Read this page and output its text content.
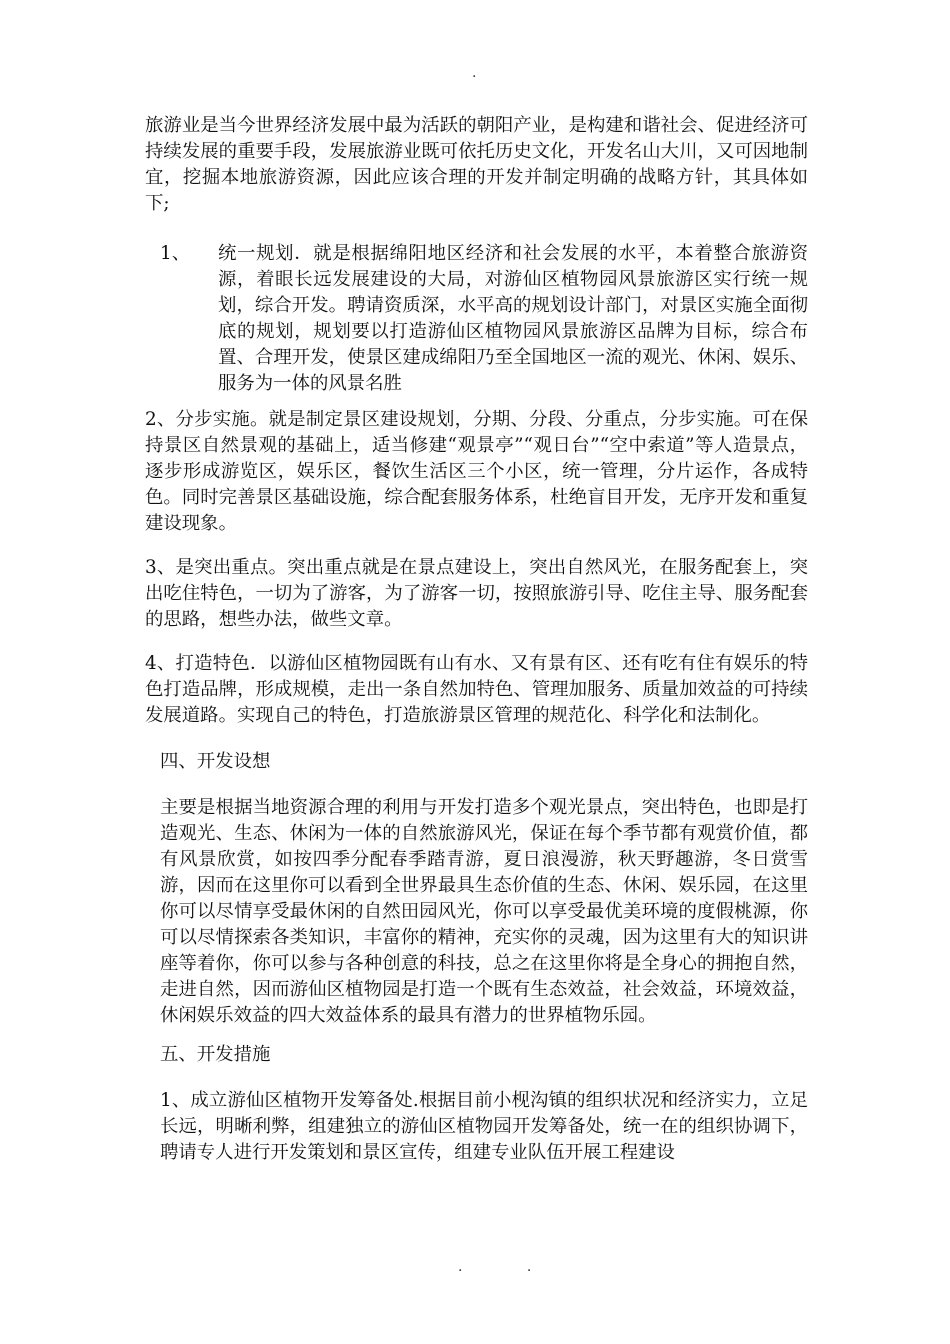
.

旅游业是当今世界经济发展中最为活跃的朝阳产业，是构建和谐社会、促进经济可持续发展的重要手段，发展旅游业既可依托历史文化，开发名山大川，又可因地制宜，挖掘本地旅游资源，因此应该合理的开发并制定明确的战略方针，其具体如下;

1、 统一规划．就是根据绵阳地区经济和社会发展的水平，本着整合旅游资源，着眼长远发展建设的大局，对游仙区植物园风景旅游区实行统一规划，综合开发。聘请资质深，水平高的规划设计部门，对景区实施全面彻底的规划，规划要以打造游仙区植物园风景旅游区品牌为目标，综合布置、合理开发，使景区建成绵阳乃至全国地区一流的观光、休闲、娱乐、服务为一体的风景名胜

2、分步实施。就是制定景区建设规划，分期、分段、分重点，分步实施。可在保持景区自然景观的基础上，适当修建“观景亭”“观日台”“空中索道”等人造景点，逐步形成游览区，娱乐区，餐饮生活区三个小区，统一管理，分片运作，各成特色。同时完善景区基础设施，综合配套服务体系，杜绝盲目开发，无序开发和重复建设现象。

3、是突出重点。突出重点就是在景点建设上，突出自然风光，在服务配套上，突出吃住特色，一切为了游客，为了游客一切，按照旅游引导、吃住主导、服务配套的思路，想些办法，做些文章。

4、打造特色．以游仙区植物园既有山有水、又有景有区、还有吃有住有娱乐的特色打造品牌，形成规模，走出一条自然加特色、管理加服务、质量加效益的可持续发展道路。实现自己的特色，打造旅游景区管理的规范化、科学化和法制化。

四、开发设想

主要是根据当地资源合理的利用与开发打造多个观光景点，突出特色，也即是打造观光、生态、休闲为一体的自然旅游风光，保证在每个季节都有观赏价值，都有风景欣赏，如按四季分配春季踏青游，夏日浪漫游，秋天野趣游，冬日赏雪游，因而在这里你可以看到全世界最具生态价值的生态、休闲、娱乐园，在这里你可以尽情享受最休闲的自然田园风光，你可以享受最优美环境的度假桃源，你可以尽情探索各类知识，丰富你的精神，充实你的灵魂，因为这里有大的知识讲座等着你，你可以参与各种创意的科技，总之在这里你将是全身心的拥抱自然，走进自然，因而游仙区植物园是打造一个既有生态效益，社会效益，环境效益，休闲娱乐效益的四大效益体系的最具有潜力的世界植物乐园。

五、开发措施

1、成立游仙区植物开发筹备处.根据目前小枧沟镇的组织状况和经济实力，立足长远，明晰利弊，组建独立的游仙区植物园开发筹备处，统一在的组织协调下，聘请专人进行开发策划和景区宣传，组建专业队伍开展工程建设

. .
